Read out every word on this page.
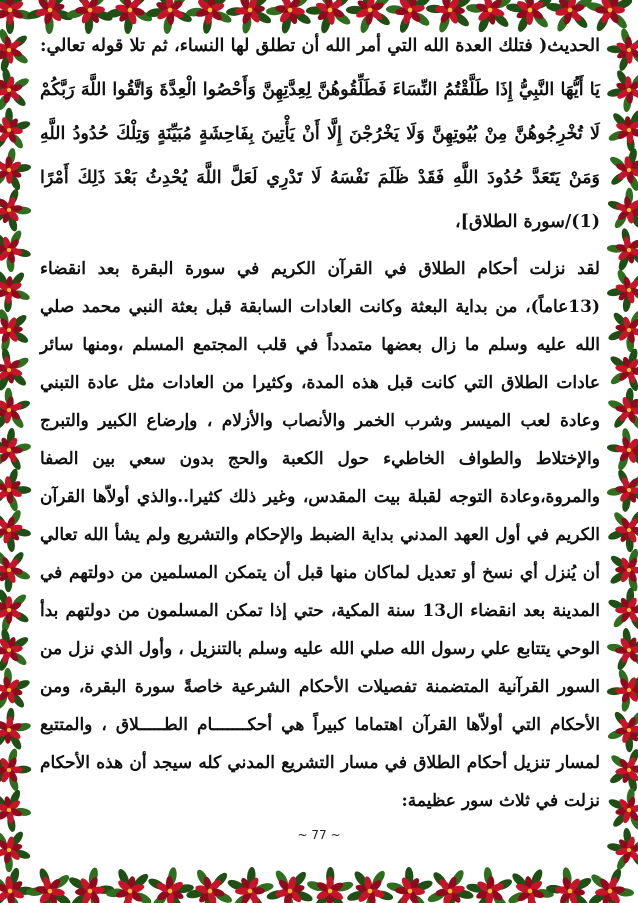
الحديث( فتلك العدة الله التي أمر الله أن تطلق لها النساء، ثم تلا قوله تعالي: يَا أَيُّهَا النَّبِيُّ إِذَا طَلَّقْتُمُ النِّسَاءَ فَطَلِّقُوهُنَّ لِعِدَّتِهِنَّ وَأَحْصُوا الْعِدَّةَ وَاتَّقُوا اللَّهَ رَبَّكُمْ لَا تُخْرِجُوهُنَّ مِنْ بُيُوتِهِنَّ وَلَا يَخْرُجْنَ إِلَّا أَنْ يَأْتِينَ بِفَاحِشَةٍ مُبَيِّنَةٍ وَتِلْكَ حُدُودُ اللَّهِ وَمَنْ يَتَعَدَّ حُدُودَ اللَّهِ فَقَدْ ظَلَمَ نَفْسَهُ لَا تَدْرِي لَعَلَّ اللَّهَ يُحْدِثُ بَعْدَ ذَلِكَ أَمْرًا (1)/سورة الطلاق]،

لقد نزلت أحكام الطلاق في القرآن الكريم في سورة البقرة بعد انقضاء (13عاماً)، من بداية البعثة وكانت العادات السابقة قبل بعثة النبي محمد صلي الله عليه وسلم ما زال بعضها متمدداً في قلب المجتمع المسلم ،ومنها سائر عادات الطلاق التي كانت قبل هذه المدة، وكثيرا من العادات مثل عادة التبني وعادة لعب الميسر وشرب الخمر والأنصاب والأزلام ، وإرضاع الكبير والتبرج والإختلاط والطواف الخاطيء حول الكعبة والحج بدون سعي بين الصفا والمروة،وعادة التوجه لقبلة بيت المقدس، وغير ذلك كثيرا..والذي أولاّها القرآن الكريم في أول العهد المدني بداية الضبط والإحكام والتشريع ولم يشأ الله تعالي أن يُنزل أي نسخ أو تعديل لماكان منها قبل أن يتمكن المسلمين من دولتهم في المدينة بعد انقضاء ال13 سنة المكية، حتي إذا تمكن المسلمون من دولتهم بدأ الوحي يتتابع علي رسول الله صلي الله عليه وسلم بالتنزيل ، وأول الذي نزل من السور القرآنية المتضمنة تفصيلات الأحكام الشرعية خاصةً سورة البقرة، ومن الأحكام التي أولاّها القرآن اهتماما كبيراً هي أحكـــــــام الطـــــلاق ، والمتتبع لمسار تنزيل أحكام الطلاق في مسار التشريع المدني كله سيجد أن هذه الأحكام نزلت في ثلاث سور عظيمة:

~ 77 ~
